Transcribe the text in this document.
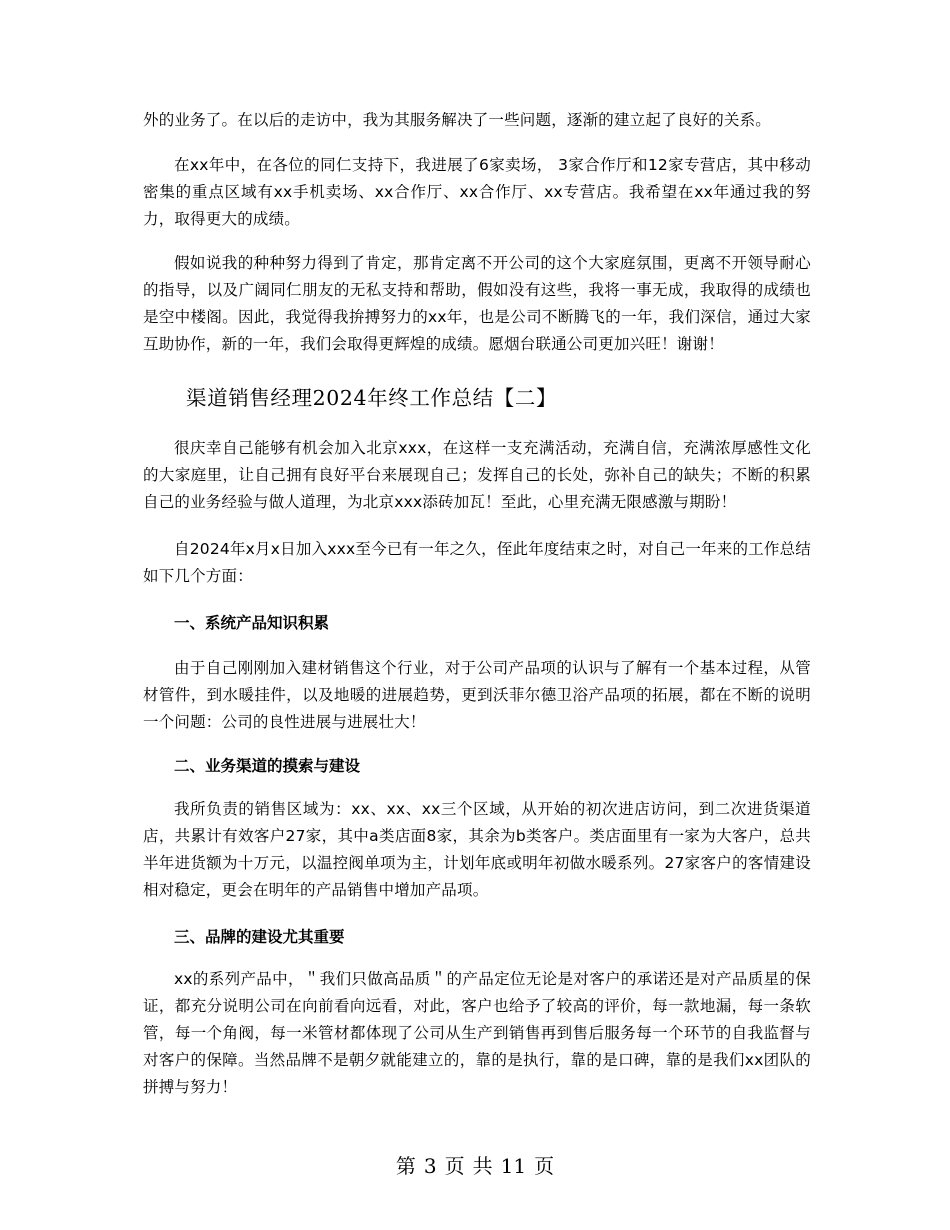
外的业务了。在以后的走访中，我为其服务解决了一些问题，逐渐的建立起了良好的关系。

在xx年中，在各位的同仁支持下，我进展了6家卖场， 3家合作厅和12家专营店，其中移动密集的重点区域有xx手机卖场、xx合作厅、xx合作厅、xx专营店。我希望在xx年通过我的努力，取得更大的成绩。

假如说我的种种努力得到了肯定，那肯定离不开公司的这个大家庭氛围，更离不开领导耐心的指导，以及广阔同仁朋友的无私支持和帮助，假如没有这些，我将一事无成，我取得的成绩也是空中楼阁。因此，我觉得我拚搏努力的xx年，也是公司不断腾飞的一年，我们深信，通过大家互助协作，新的一年，我们会取得更辉煌的成绩。愿烟台联通公司更加兴旺！谢谢！

渠道销售经理2024年终工作总结【二】

很庆幸自己能够有机会加入北京xxx，在这样一支充满活动，充满自信，充满浓厚感性文化的大家庭里，让自己拥有良好平台来展现自己；发挥自己的长处，弥补自己的缺失；不断的积累自己的业务经验与做人道理，为北京xxx添砖加瓦！至此，心里充满无限感激与期盼！

自2024年x月x日加入xxx至今已有一年之久，侄此年度结束之时，对自己一年来的工作总结如下几个方面：

一、系统产品知识积累

由于自己刚刚加入建材销售这个行业，对于公司产品项的认识与了解有一个基本过程，从管材管件，到水暖挂件，以及地暖的进展趋势，更到沃菲尔德卫浴产品项的拓展，都在不断的说明一个问题：公司的良性进展与进展壮大！

二、业务渠道的摸索与建设

我所负责的销售区域为：xx、xx、xx三个区域，从开始的初次进店访问，到二次进货渠道店，共累计有效客户27家，其中a类店面8家，其余为b类客户。类店面里有一家为大客户，总共半年进货额为十万元，以温控阀单项为主，计划年底或明年初做水暖系列。27家客户的客情建设相对稳定，更会在明年的产品销售中增加产品项。

三、品牌的建设尤其重要

xx的系列产品中，＂我们只做高品质＂的产品定位无论是对客户的承诺还是对产品质星的保证，都充分说明公司在向前看向远看，对此，客户也给予了较高的评价，每一款地漏，每一条软管，每一个角阀，每一米管材都体现了公司从生产到销售再到售后服务每一个环节的自我监督与对客户的保障。当然品牌不是朝夕就能建立的，靠的是执行，靠的是口碑，靠的是我们xx团队的拼搏与努力！

第 3 页 共 11 页
